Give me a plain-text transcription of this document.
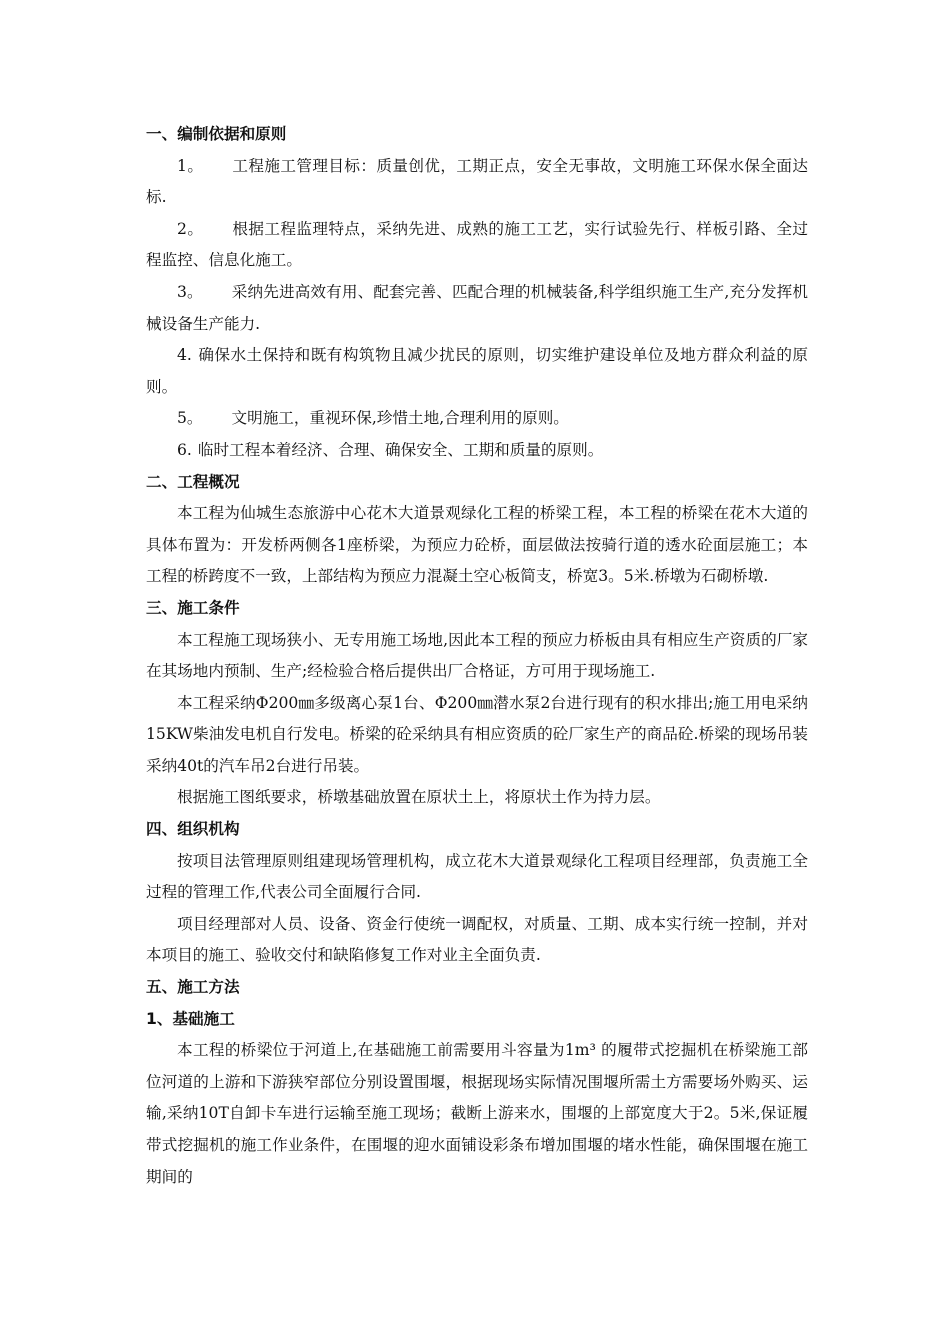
一、编制依据和原则

1。 工程施工管理目标：质量创优，工期正点，安全无事故，文明施工环保水保全面达标.

2。 根据工程监理特点，采纳先进、成熟的施工工艺，实行试验先行、样板引路、全过程监控、信息化施工。

3。 采纳先进高效有用、配套完善、匹配合理的机械装备,科学组织施工生产,充分发挥机械设备生产能力.

4. 确保水土保持和既有构筑物且减少扰民的原则，切实维护建设单位及地方群众利益的原则。

5。 文明施工，重视环保,珍惜土地,合理利用的原则。

6. 临时工程本着经济、合理、确保安全、工期和质量的原则。

二、工程概况

本工程为仙城生态旅游中心花木大道景观绿化工程的桥梁工程，本工程的桥梁在花木大道的具体布置为：开发桥两侧各1座桥梁，为预应力砼桥，面层做法按骑行道的透水砼面层施工；本工程的桥跨度不一致，上部结构为预应力混凝土空心板简支，桥宽3。5米.桥墩为石砌桥墩.

三、施工条件

本工程施工现场狭小、无专用施工场地,因此本工程的预应力桥板由具有相应生产资质的厂家在其场地内预制、生产;经检验合格后提供出厂合格证，方可用于现场施工.

本工程采纳Φ200㎜多级离心泵1台、Φ200㎜潜水泵2台进行现有的积水排出;施工用电采纳15KW柴油发电机自行发电。桥梁的砼采纳具有相应资质的砼厂家生产的商品砼.桥梁的现场吊装采纳40t的汽车吊2台进行吊装。

根据施工图纸要求，桥墩基础放置在原状土上，将原状土作为持力层。

四、组织机构

按项目法管理原则组建现场管理机构，成立花木大道景观绿化工程项目经理部，负责施工全过程的管理工作,代表公司全面履行合同.

项目经理部对人员、设备、资金行使统一调配权，对质量、工期、成本实行统一控制，并对本项目的施工、验收交付和缺陷修复工作对业主全面负责.

五、施工方法

1、基础施工

本工程的桥梁位于河道上,在基础施工前需要用斗容量为1m³ 的履带式挖掘机在桥梁施工部位河道的上游和下游狭窄部位分别设置围堰，根据现场实际情况围堰所需土方需要场外购买、运输,采纳10T自卸卡车进行运输至施工现场；截断上游来水，围堰的上部宽度大于2。5米,保证履带式挖掘机的施工作业条件，在围堰的迎水面铺设彩条布增加围堰的堵水性能，确保围堰在施工期间的
